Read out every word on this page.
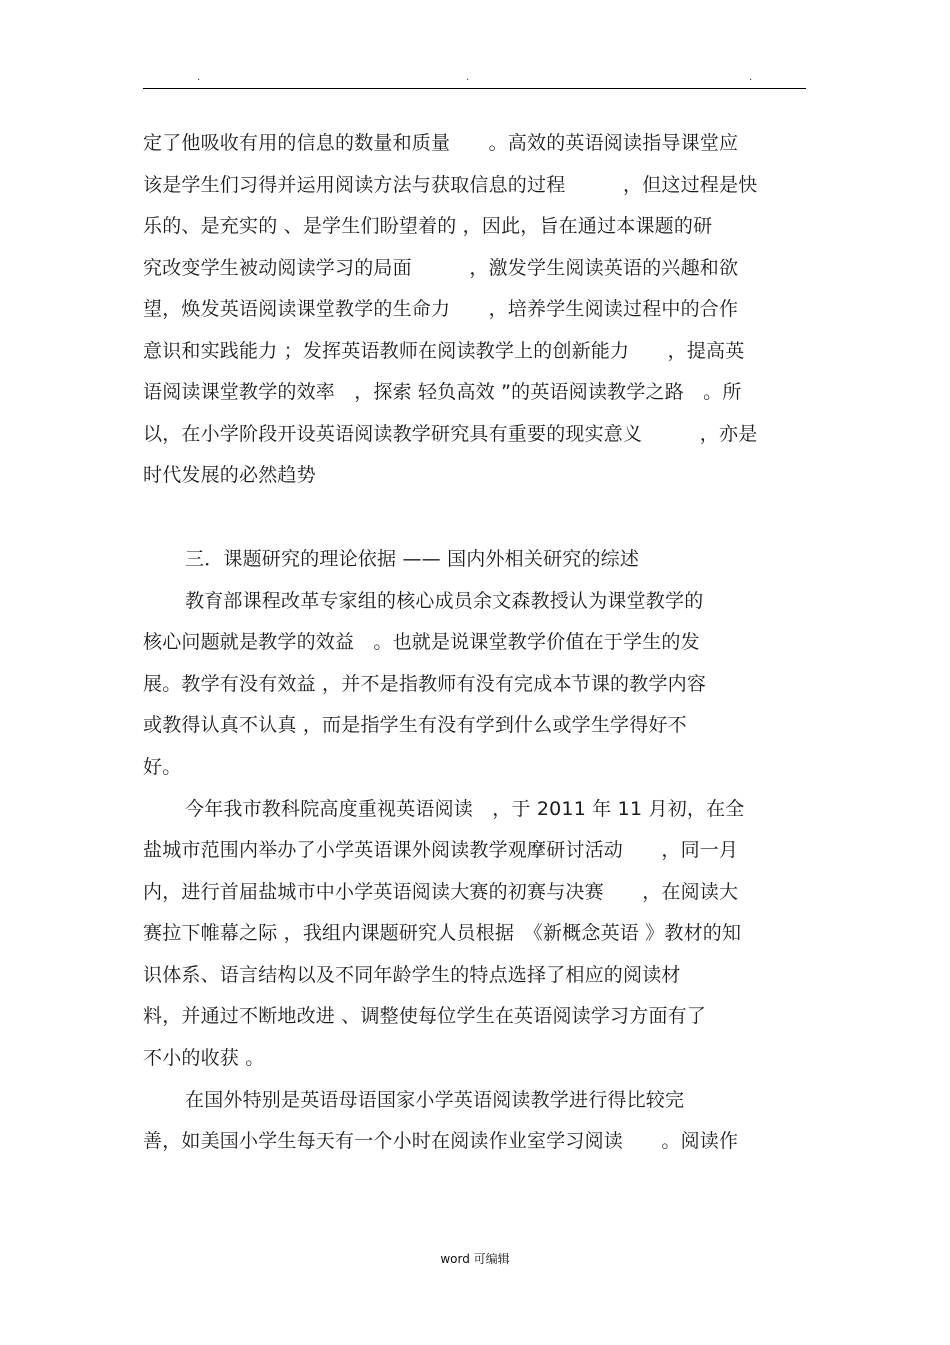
.	.	.
定了他吸收有用的信息的数量和质量　　。高效的英语阅读指导课堂应
该是学生们习得并运用阅读方法与获取信息的过程　　　，但这过程是快
乐的、是充实的 、是学生们盼望着的 ，因此，旨在通过本课题的研
究改变学生被动阅读学习的局面　　　，激发学生阅读英语的兴趣和欲
望，焕发英语阅读课堂教学的生命力　　，培养学生阅读过程中的合作
意识和实践能力 ；发挥英语教师在阅读教学上的创新能力　　，提高英
语阅读课堂教学的效率　，探索 轻负高效 ”的英语阅读教学之路　。所
以，在小学阶段开设英语阅读教学研究具有重要的现实意义　　　，亦是
时代发展的必然趋势
三．课题研究的理论依据 —— 国内外相关研究的综述
教育部课程改革专家组的核心成员余文森教授认为课堂教学的
核心问题就是教学的效益　。也就是说课堂教学价值在于学生的发
展。教学有没有效益 ，并不是指教师有没有完成本节课的教学内容
或教得认真不认真 ，而是指学生有没有学到什么或学生学得好不
好。
今年我市教科院高度重视英语阅读　，于 2011 年 11 月初，在全
盐城市范围内举办了小学英语课外阅读教学观摩研讨活动　　，同一月
内，进行首届盐城市中小学英语阅读大赛的初赛与决赛　　，在阅读大
赛拉下帷幕之际 ，我组内课题研究人员根据　《新概念英语 》教材的知
识体系、语言结构以及不同年龄学生的特点选择了相应的阅读材
料，并通过不断地改进 、调整使每位学生在英语阅读学习方面有了
不小的收获 。
在国外特别是英语母语国家小学英语阅读教学进行得比较完
善，如美国小学生每天有一个小时在阅读作业室学习阅读　　。阅读作
word 可编辑
